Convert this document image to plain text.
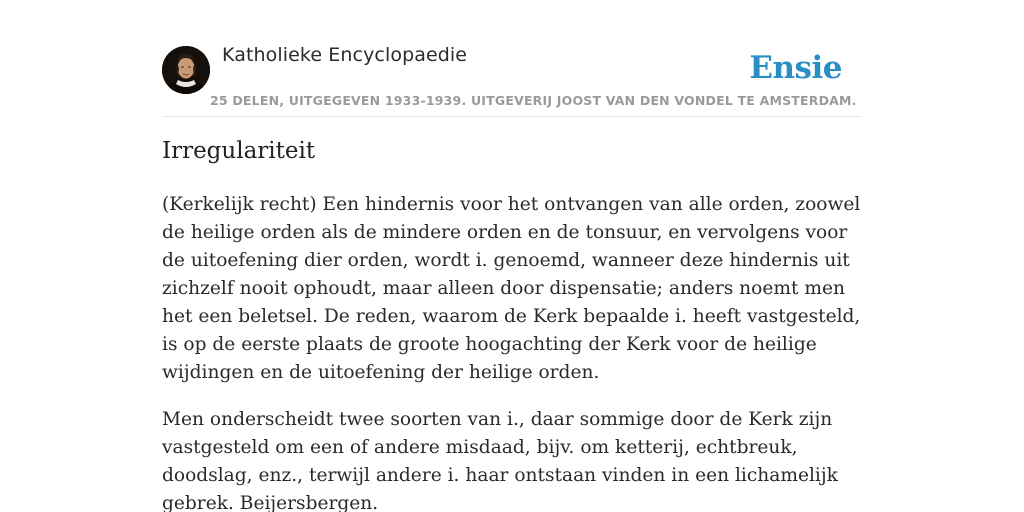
Katholieke Encyclopaedie
25 DELEN, UITGEGEVEN 1933-1939. UITGEVERIJ JOOST VAN DEN VONDEL TE AMSTERDAM.
Ensie
Irregulariteit

(Kerkelijk recht) Een hindernis voor het ontvangen van alle orden, zoowel de heilige orden als de mindere orden en de tonsuur, en vervolgens voor de uitoefening dier orden, wordt i. genoemd, wanneer deze hindernis uit zichzelf nooit ophoudt, maar alleen door dispensatie; anders noemt men het een beletsel. De reden, waarom de Kerk bepaalde i. heeft vastgesteld, is op de eerste plaats de groote hoogachting der Kerk voor de heilige wijdingen en de uitoefening der heilige orden.

Men onderscheidt twee soorten van i., daar sommige door de Kerk zijn vastgesteld om een of andere misdaad, bijv. om ketterij, echtbreuk, doodslag, enz., terwijl andere i. haar ontstaan vinden in een lichamelijk gebrek. Beijersbergen.
